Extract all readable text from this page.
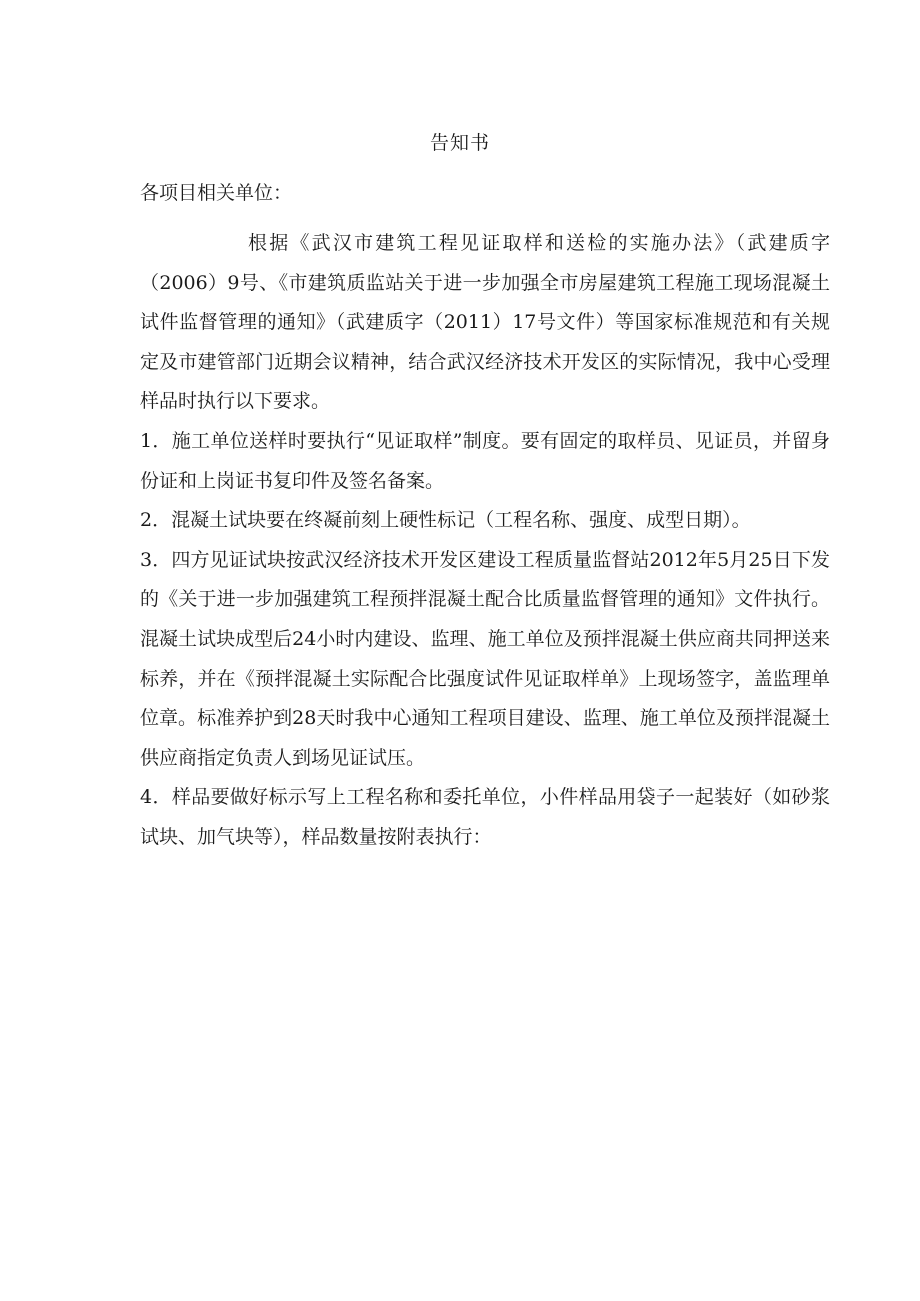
告知书
各项目相关单位：

根据《武汉市建筑工程见证取样和送检的实施办法》（武建质字（2006）9号、《市建筑质监站关于进一步加强全市房屋建筑工程施工现场混凝土试件监督管理的通知》（武建质字（2011）17号文件）等国家标准规范和有关规定及市建管部门近期会议精神，结合武汉经济技术开发区的实际情况，我中心受理样品时执行以下要求。

1．施工单位送样时要执行“见证取样”制度。要有固定的取样员、见证员，并留身份证和上岗证书复印件及签名备案。

2．混凝土试块要在终凝前刻上硬性标记（工程名称、强度、成型日期）。

3．四方见证试块按武汉经济技术开发区建设工程质量监督站2012年5月25日下发的《关于进一步加强建筑工程预拌混凝土配合比质量监督管理的通知》文件执行。混凝土试块成型后24小时内建设、监理、施工单位及预拌混凝土供应商共同押送来标养，并在《预拌混凝土实际配合比强度试件见证取样单》上现场签字，盖监理单位章。标准养护到28天时我中心通知工程项目建设、监理、施工单位及预拌混凝土供应商指定负责人到场见证试压。

4．样品要做好标示写上工程名称和委托单位，小件样品用袋子一起装好（如砂浆试块、加气块等），样品数量按附表执行：
